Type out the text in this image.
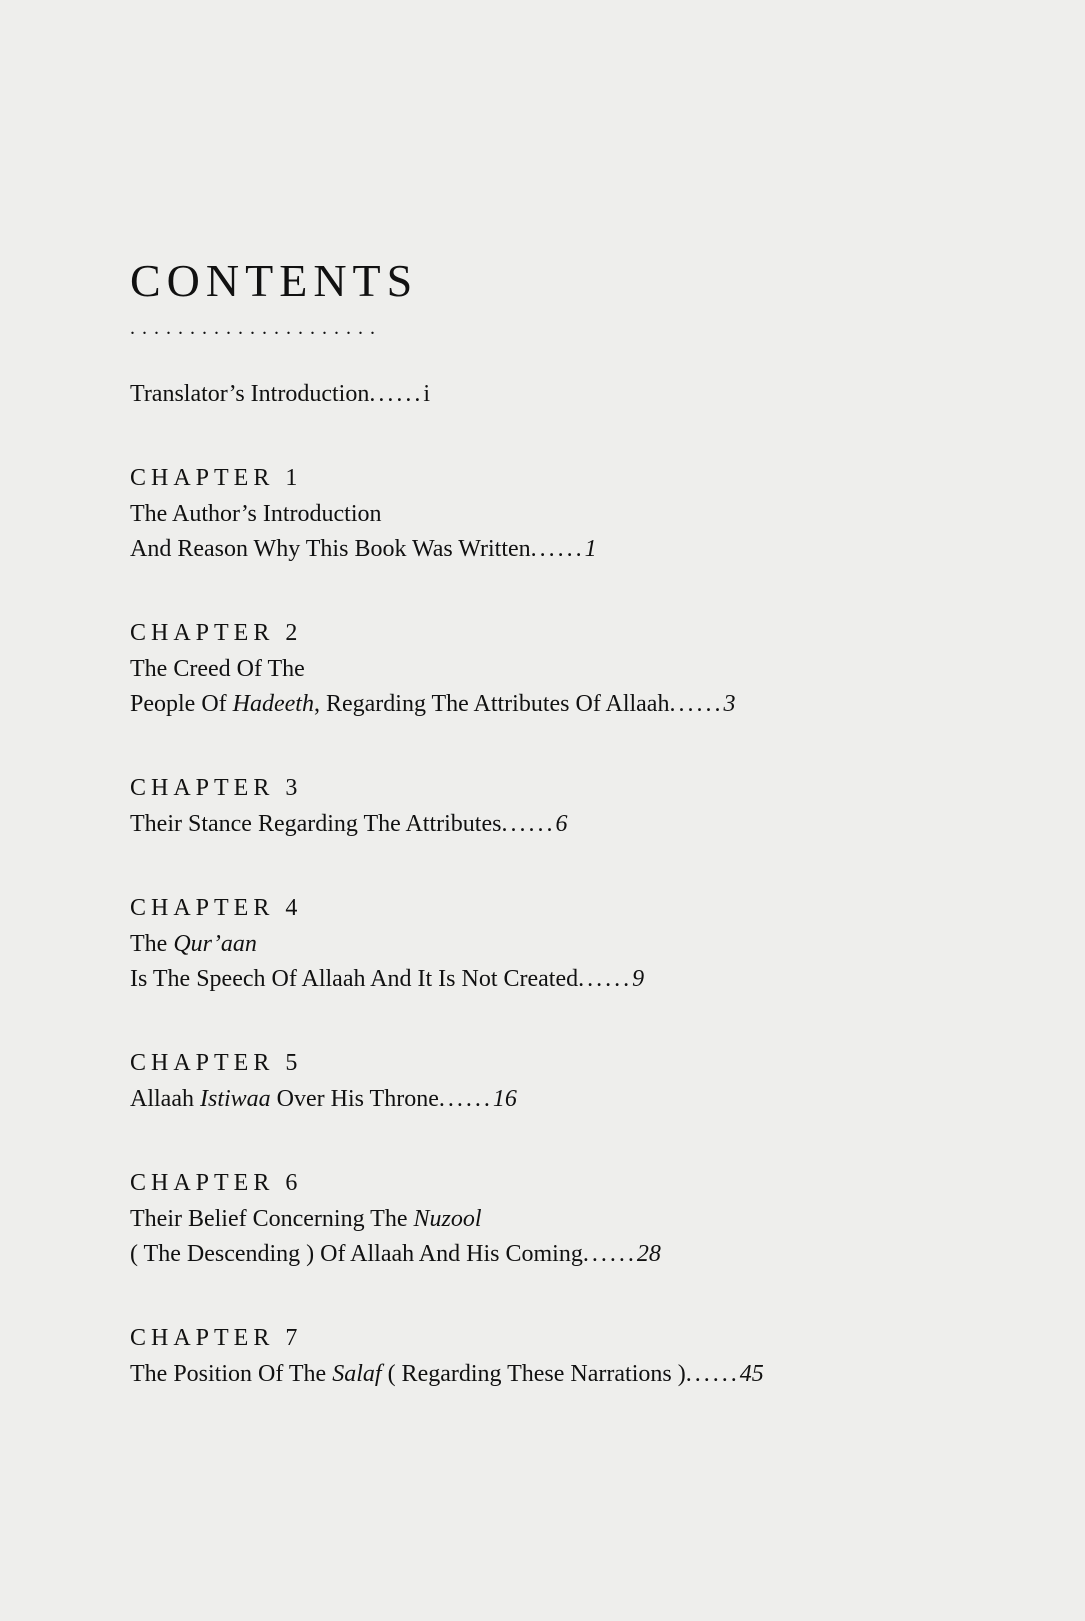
CONTENTS
.....................
Translator’s Introduction......i
CHAPTER 1
The Author’s Introduction
And Reason Why This Book Was Written......1
CHAPTER 2
The Creed Of The
People Of Hadeeth, Regarding The Attributes Of Allaah......3
CHAPTER 3
Their Stance Regarding The Attributes......6
CHAPTER 4
The Qur’aan
Is The Speech Of Allaah And It Is Not Created......9
CHAPTER 5
Allaah Istiwaa Over His Throne......16
CHAPTER 6
Their Belief Concerning The Nuzool
( The Descending ) Of Allaah And His Coming......28
CHAPTER 7
The Position Of The Salaf ( Regarding These Narrations )......45
